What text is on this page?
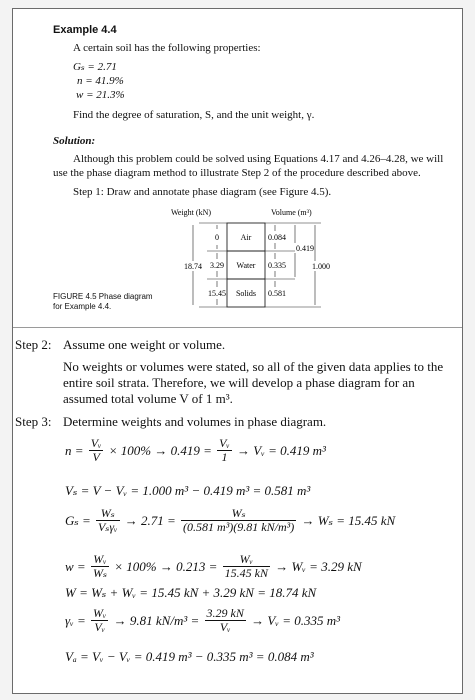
Example 4.4
A certain soil has the following properties:
Gₛ = 2.71
n = 41.9%
w = 21.3%
Find the degree of saturation, S, and the unit weight, γ.
Solution:
Although this problem could be solved using Equations 4.17 and 4.26–4.28, we will
use the phase diagram method to illustrate Step 2 of the procedure described above.
Step 1: Draw and annotate phase diagram (see Figure 4.5).
Weight (kN)	Volume (m³)
Air
Water
Solids
0
3.29
15.45
18.74
0.084
0.335
0.581
0.419
1.000
FIGURE 4.5 Phase diagram
for Example 4.4.
Step 2: Assume one weight or volume.
No weights or volumes were stated, so all of the given data applies to the
entire soil strata. Therefore, we will develop a phase diagram for an
assumed total volume V of 1 m³.
Step 3: Determine weights and volumes in phase diagram.
$n = \frac{\text{Vᵥ}}{V} \times 100\% \to 0.419 = \frac{\text{Vᵥ}}{1}$ → Vᵥ = 0.419 m³
Vₛ = V − Vᵥ = 1.000 m³ − 0.419 m³ = 0.581 m³
$G_s = \frac{\text{Wₛ}}{\text{Vₛγᵥ}} \to 2.71 = \frac{\text{Wₛ}}{\text{(0.581 m³)(9.81 kN/m³)}} \to W_s = 15.45$ kN
$w = \frac{\text{Wᵥ}}{\text{Wₛ}} \times 100\% \to 0.213 = \frac{\text{Wᵥ}}{15.45 kN}$ → Wᵥ = 3.29 kN
W = Wₛ + Wᵥ = 15.45 kN + 3.29 kN = 18.74 kN
γᵥ = $\frac{\text{Wᵥ}}{\text{Vᵥ}} \to 9.81$ $kN/m^3 = \frac{3.29 kN}{\text{Vᵥ}}$ → Vᵥ = 0.335 m³
Vₐ = Vᵥ − Vᵥ = 0.419 m³ − 0.335 m³ = 0.084 m³
